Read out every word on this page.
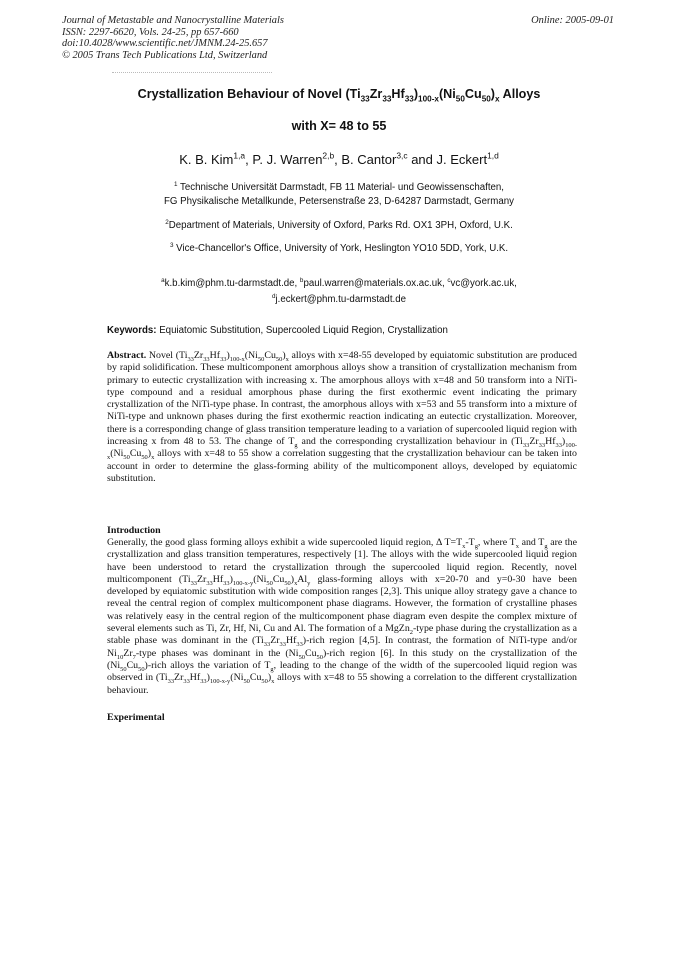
Journal of Metastable and Nanocrystalline Materials
ISSN: 2297-6620, Vols. 24-25, pp 657-660
doi:10.4028/www.scientific.net/JMNM.24-25.657
© 2005 Trans Tech Publications Ltd, Switzerland
Online: 2005-09-01
Crystallization Behaviour of Novel $(Ti_{33}Zr_{33}Hf_{33})_{100-x}(Ni_{50}Cu_{50})_x$ Alloys
with X= 48 to 55
K. B. Kim$^{1,a}$, P. J. Warren$^{2,b}$, B. Cantor$^{3,c}$ and J. Eckert$^{1,d}$
$^1$ Technische Universität Darmstadt, FB 11 Material- und Geowissenschaften,
FG Physikalische Metallkunde, Petersenstraße 23, D-64287 Darmstadt, Germany
$^2$Department of Materials, University of Oxford, Parks Rd. OX1 3PH, Oxford, U.K.
$^3$ Vice-Chancellor's Office, University of York, Heslington YO10 5DD, York, U.K.
$^a$k.b.kim@phm.tu-darmstadt.de, $^b$paul.warren@materials.ox.ac.uk, $^c$vc@york.ac.uk,
$^d$j.eckert@phm.tu-darmstadt.de
Keywords: Equiatomic Substitution, Supercooled Liquid Region, Crystallization
Abstract. Novel $(Ti_{33}Zr_{33}Hf_{33})_{100-x}(Ni_{50}Cu_{50})_x$ alloys with x=48-55 developed by equiatomic substitution are produced by rapid solidification. These multicomponent amorphous alloys show a transition of crystallization mechanism from primary to eutectic crystallization with increasing x. The amorphous alloys with x=48 and 50 transform into a NiTi-type compound and a residual amorphous phase during the first exothermic event indicating the primary crystallization of the NiTi-type phase. In contrast, the amorphous alloys with x=53 and 55 transform into a mixture of NiTi-type and unknown phases during the first exothermic reaction indicating an eutectic crystallization. Moreover, there is a corresponding change of glass transition temperature leading to a variation of supercooled liquid region with increasing x from 48 to 53. The change of $T_g$ and the corresponding crystallization behaviour in $(Ti_{33}Zr_{33}Hf_{33})_{100-x}(Ni_{50}Cu_{50})_x$ alloys with x=48 to 55 show a correlation suggesting that the crystallization behaviour can be taken into account in order to determine the glass-forming ability of the multicomponent alloys, developed by equiatomic substitution.
Introduction
Generally, the good glass forming alloys exhibit a wide supercooled liquid region, Δ $T=T_x-T_g$, where $T_x$ and $T_g$ are the crystallization and glass transition temperatures, respectively [1]. The alloys with the wide supercooled liquid region have been understood to retard the crystallization through the supercooled liquid region. Recently, novel multicomponent $(Ti_{33}Zr_{33}Hf_{33})_{100-x-y}(Ni_{50}Cu_{50})_xAl_y$ glass-forming alloys with x=20-70 and y=0-30 have been developed by equiatomic substitution with wide composition ranges [2,3]. This unique alloy strategy gave a chance to reveal the central region of complex multicomponent phase diagrams. However, the formation of crystalline phases was relatively easy in the central region of the multicomponent phase diagram even despite the complex mixture of several elements such as Ti, Zr, Hf, Ni, Cu and Al. The formation of a MgZn$_2$-type phase during the crystallization as a stable phase was dominant in the $(Ti_{33}Zr_{33}Hf_{33})$-rich region [4,5]. In contrast, the formation of NiTi-type and/or $Ni_{10}Zr_7$-type phases was dominant in the $(Ni_{50}Cu_{50})$-rich region [6]. In this study on the crystallization of the $(Ni_{50}Cu_{50})$-rich alloys the variation of $T_g$, leading to the change of the width of the supercooled liquid region was observed in $(Ti_{33}Zr_{33}Hf_{33})_{100-x-y}(Ni_{50}Cu_{50})_x$ alloys with x=48 to 55 showing a correlation to the different crystallization behaviour.
Experimental
